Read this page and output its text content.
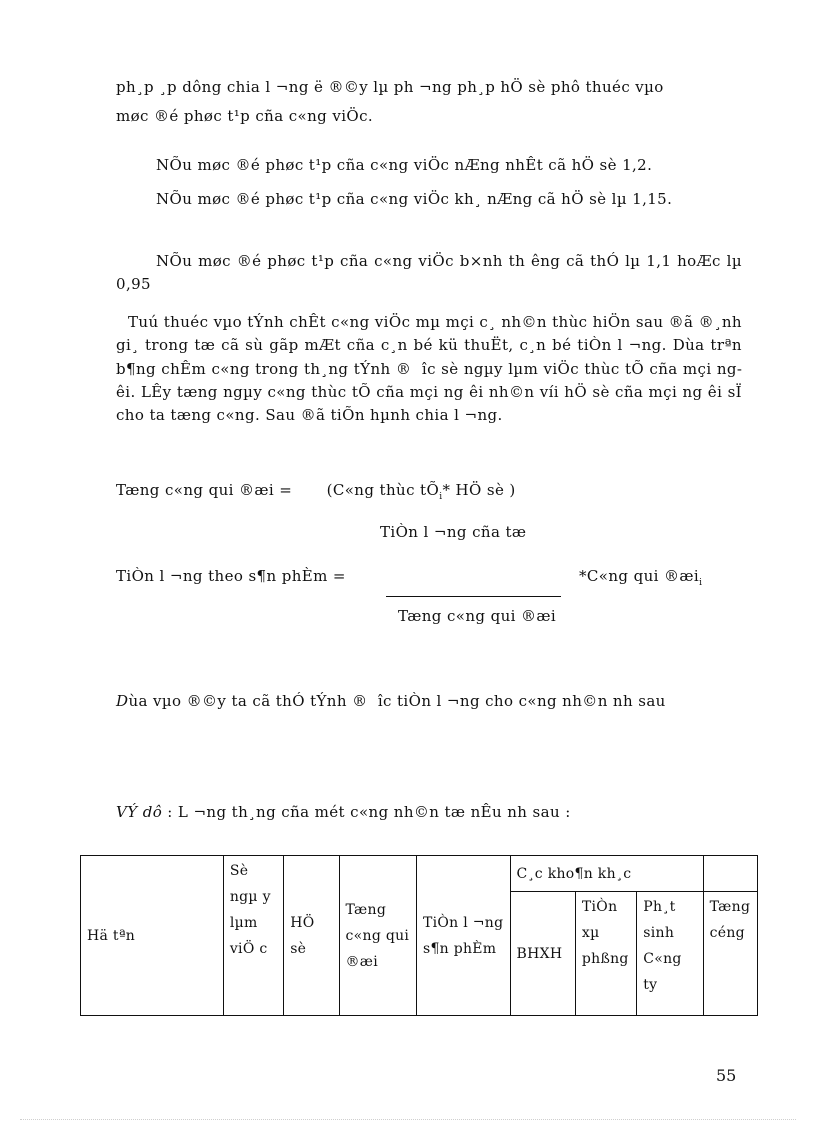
ph¸p ¸p dông chia l ¬ng ë ®©y lµ ph ¬ng ph¸p hÖ sè phô thuéc vµo
møc ®é phøc t¹p cña c«ng viÖc.

NÕu møc ®é phøc t¹p cña c«ng viÖc nÆng nhÊt cã hÖ sè 1,2.

NÕu møc ®é phøc t¹p cña c«ng viÖc kh¸ nÆng cã hÖ sè lµ 1,15.

NÕu møc ®é phøc t¹p cña c«ng viÖc b×nh th êng cã thÓ lµ 1,1 hoÆc lµ 0,95

Tuú thuéc vµo tÝnh chÊt c«ng viÖc mµ mçi c¸ nh©n thùc hiÖn sau ®ã ®¸nh gi¸ trong tæ cã sù gãp mÆt cña c¸n bé kü thuËt, c¸n bé tiÒn l ¬ng. Dùa trªn b¶ng chÊm c«ng trong th¸ng tÝnh ® îc sè ngµy lµm viÖc thùc tÕ cña mçi ng êi. LÊy tæng ngµy c«ng thùc tÕ cña mçi ng êi nh©n víi hÖ sè cña mçi ng êi sÏ cho ta tæng c«ng. Sau ®ã tiÕn hµnh chia l ¬ng.

Tæng c«ng qui ®æi = (C«ng thùc $tÕ_i*$ HÖ sè )
TiÒn l ¬ng cña tæ
TiÒn l ¬ng theo s¶n phÈm =	*C«ng qui $®æi_i$
Tæng c«ng qui ®æi

Dùa vµo ®©y ta cã thÓ tÝnh ® îc tiÒn l ¬ng cho c«ng nh©n nh sau

VÝ dô : L ¬ng th¸ng cña mét c«ng nh©n tæ nÊu nh sau :
Hä tªn	Sè ngµ y lµm viÖ c	HÖ sè	Tæng c«ng qui ®æi	TiÒn l ¬ng s¶n phÈm	C¸c kho¶n kh¸c			
					BHXH	TiÒn xµ phßng	Ph¸t sinh C«ng ty	Tæng céng
55
